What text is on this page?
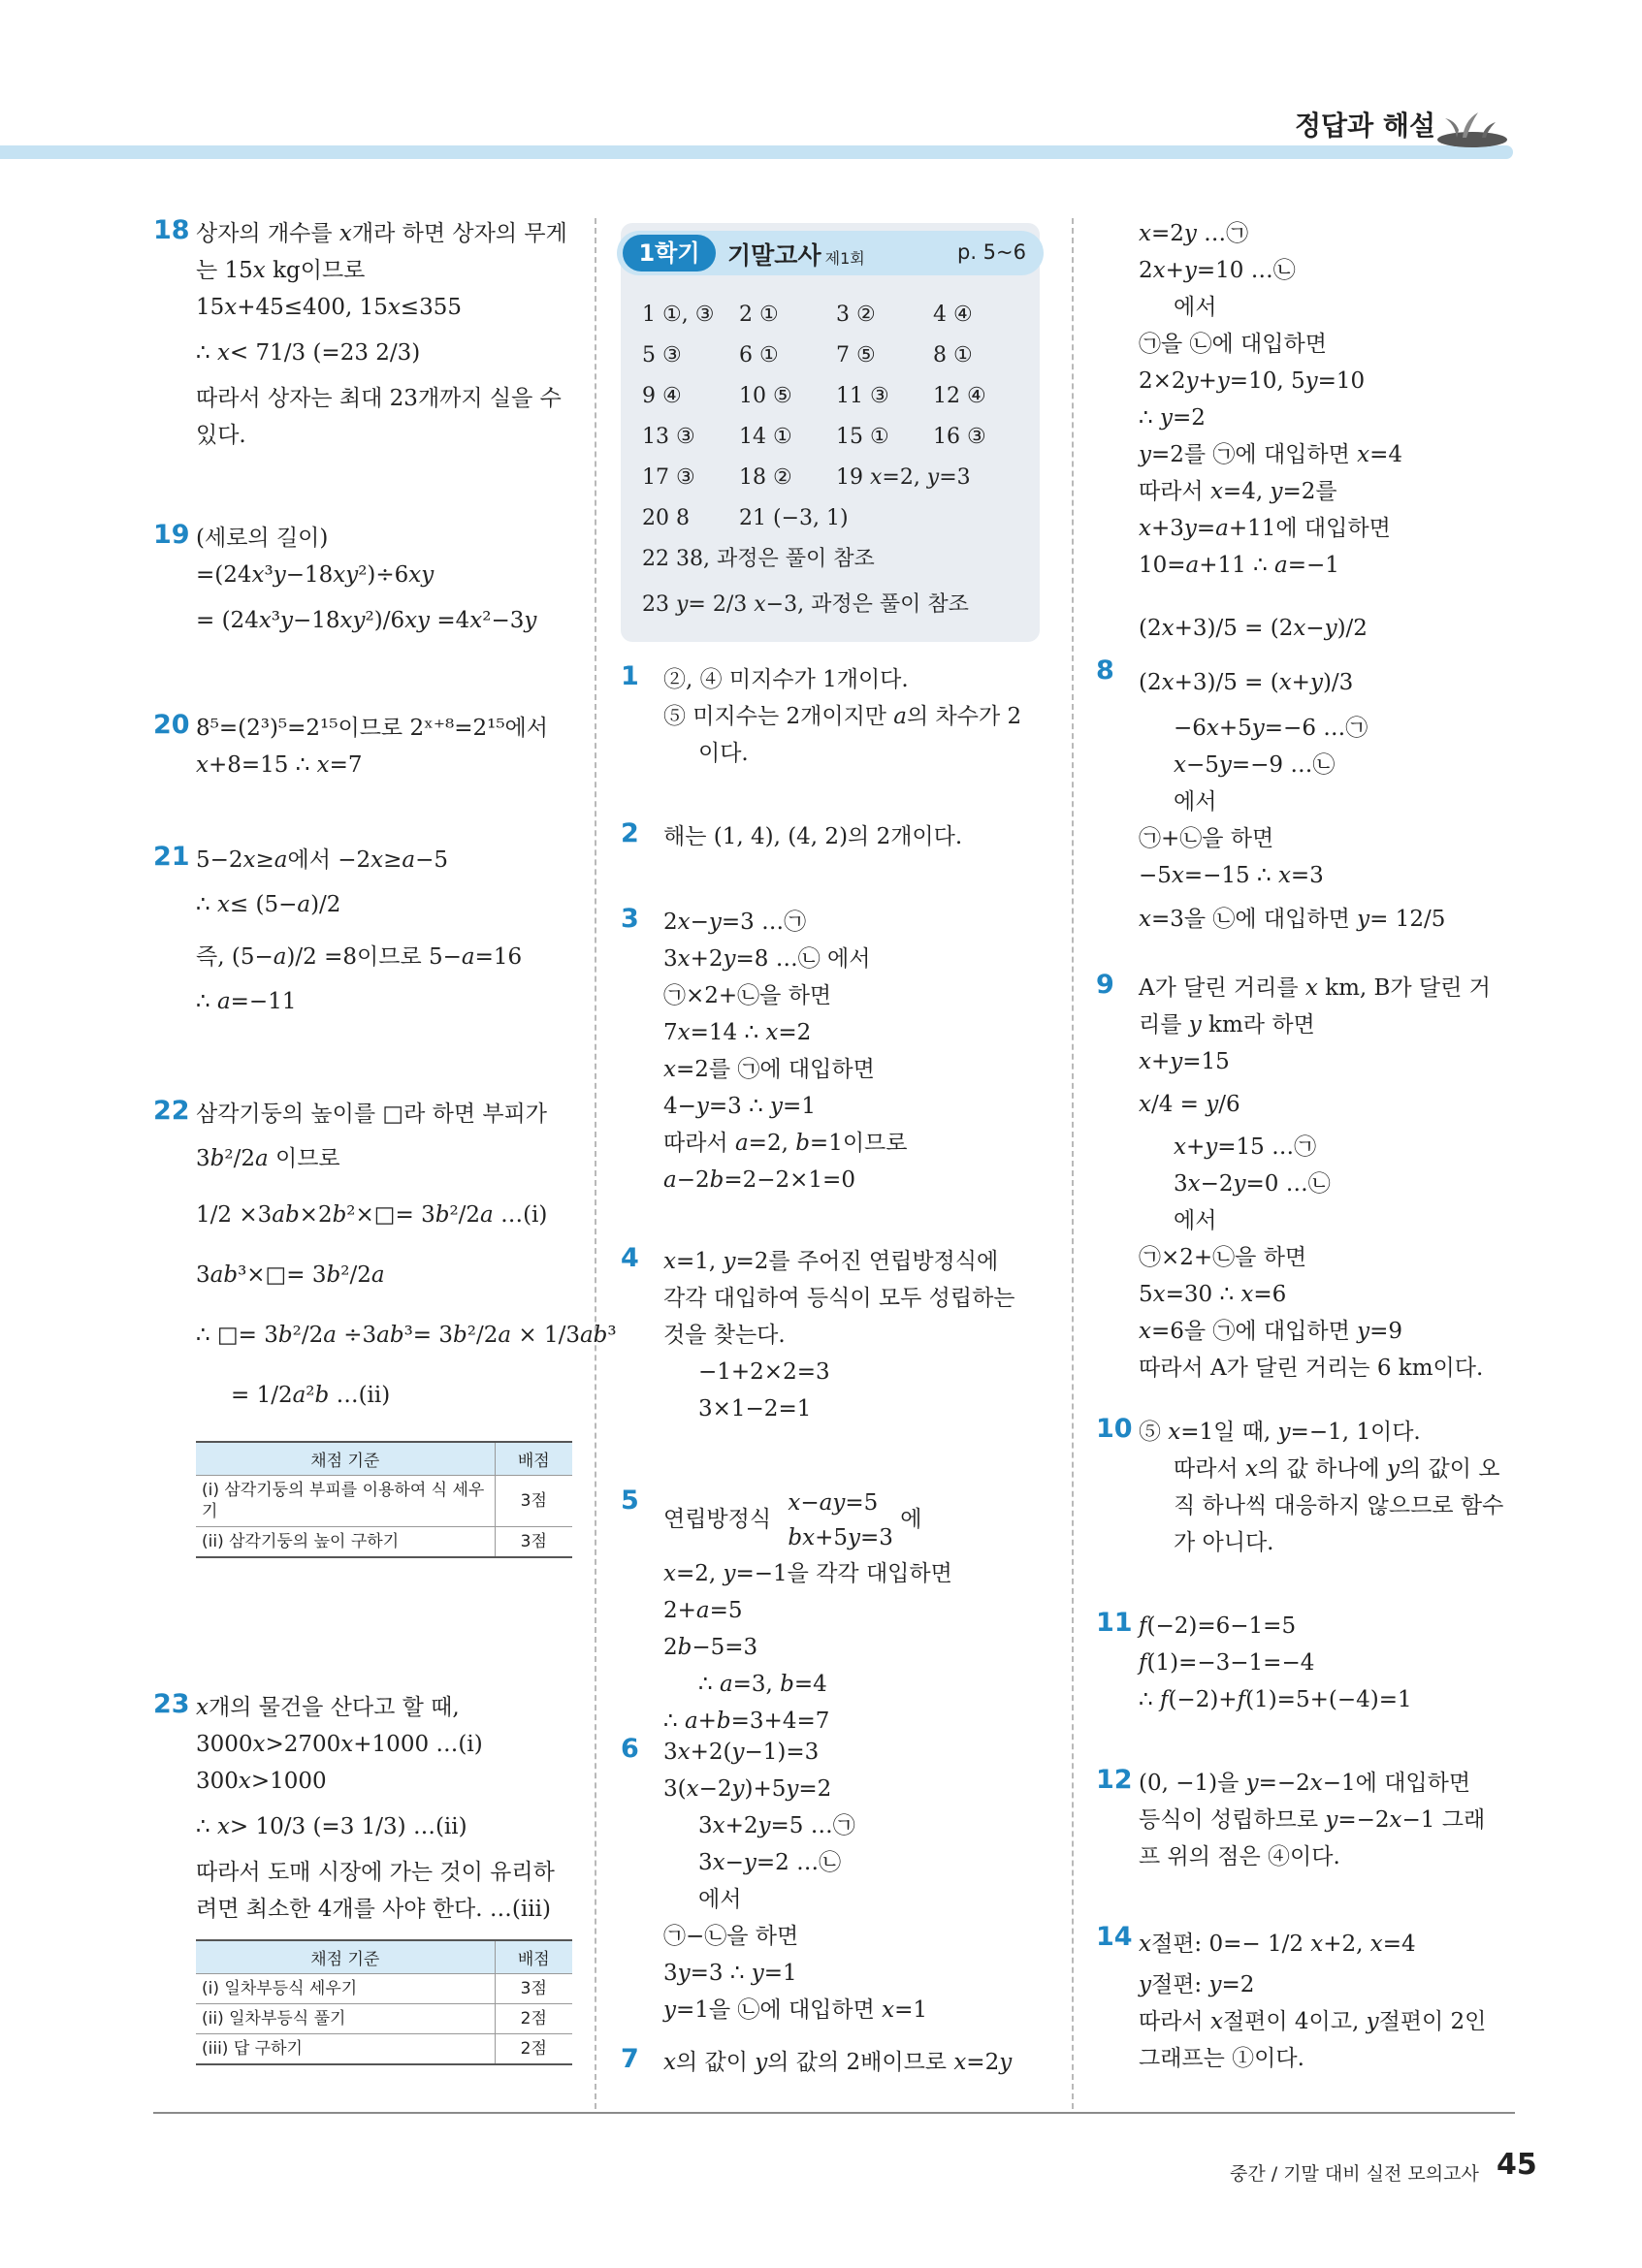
정답과 해설
18 상자의 개수를 𝑥개라 하면 상자의 무게
는 15𝑥 kg이므로
15𝑥+45≤400, 15𝑥≤355
∴ 𝑥< 71/3 (=23 2/3)
따라서 상자는 최대 23개까지 실을 수
있다.
19 (세로의 길이)
=(24𝑥³𝑦−18𝑥𝑦²)÷6𝑥𝑦
= (24𝑥³𝑦−18𝑥𝑦²)/6𝑥𝑦 =4𝑥²−3𝑦
20 8⁵=(2³)⁵=2¹⁵이므로 2ˣ⁺⁸=2¹⁵에서
𝑥+8=15 ∴ 𝑥=7
21 5−2𝑥≥𝑎에서 −2𝑥≥𝑎−5
∴ 𝑥≤ (5−𝑎)/2
즉, (5−𝑎)/2 =8이므로 5−𝑎=16
∴ 𝑎=−11
22 삼각기둥의 높이를 □라 하면 부피가
3𝑏²/2𝑎 이므로
1/2 ×3𝑎𝑏×2𝑏²×□= 3𝑏²/2𝑎 …(i)
3𝑎𝑏³×□= 3𝑏²/2𝑎
∴ □= 3𝑏²/2𝑎 ÷3𝑎𝑏³= 3𝑏²/2𝑎 × 1/3𝑎𝑏³
= 1/2𝑎²𝑏 …(ii)
채점 기준	배점
(i) 삼각기둥의 부피를 이용하여 식 세우기	3점
(ii) 삼각기둥의 높이 구하기	3점
23 𝑥개의 물건을 산다고 할 때,
3000𝑥>2700𝑥+1000 …(i)
300𝑥>1000
∴ 𝑥> 10/3 (=3 1/3) …(ii)
따라서 도매 시장에 가는 것이 유리하
려면 최소한 4개를 사야 한다. …(iii)
채점 기준	배점
(i) 일차부등식 세우기	3점
(ii) 일차부등식 풀기	2점
(iii) 답 구하기	2점
1학기	기말고사 제1회	p. 5~6
1 ①, ③ 2 ①	3 ②	4 ④
5 ③	6 ①	7 ⑤	8 ①
9 ④	10 ⑤ 11 ③ 12 ④
13 ③ 14 ① 15 ① 16 ③
17 ③ 18 ② 19 𝑥=2, 𝑦=3
20 8 21 (−3, 1)
22 38, 과정은 풀이 참조
23 𝑦= 2/3 𝑥−3, 과정은 풀이 참조
1 ②, ④ 미지수가 1개이다.
⑤ 미지수는 2개이지만 𝑎의 차수가 2
이다.
2 해는 (1, 4), (4, 2)의 2개이다.
3 2𝑥−𝑦=3 …㉠
3𝑥+2𝑦=8 …㉡ 에서
㉠×2+㉡을 하면
7𝑥=14 ∴ 𝑥=2
𝑥=2를 ㉠에 대입하면
4−𝑦=3 ∴ 𝑦=1
따라서 𝑎=2, 𝑏=1이므로
𝑎−2𝑏=2−2×1=0
4 𝑥=1, 𝑦=2를 주어진 연립방정식에
각각 대입하여 등식이 모두 성립하는
것을 찾는다.
−1+2×2=3
3×1−2=1
5
연립방정식
𝑥−𝑎𝑦=5
𝑏𝑥+5𝑦=3
에
𝑥=2, 𝑦=−1을 각각 대입하면
2+𝑎=5
2𝑏−5=3
∴ 𝑎=3, 𝑏=4
∴ 𝑎+𝑏=3+4=7
6 3𝑥+2(𝑦−1)=3
3(𝑥−2𝑦)+5𝑦=2
3𝑥+2𝑦=5 …㉠
3𝑥−𝑦=2 …㉡
에서
㉠−㉡을 하면
3𝑦=3 ∴ 𝑦=1
𝑦=1을 ㉡에 대입하면 𝑥=1
7 𝑥의 값이 𝑦의 값의 2배이므로 𝑥=2𝑦
𝑥=2𝑦 …㉠
2𝑥+𝑦=10 …㉡
에서
㉠을 ㉡에 대입하면
2×2𝑦+𝑦=10, 5𝑦=10
∴ 𝑦=2
𝑦=2를 ㉠에 대입하면 𝑥=4
따라서 𝑥=4, 𝑦=2를
𝑥+3𝑦=𝑎+11에 대입하면
10=𝑎+11 ∴ 𝑎=−1
8
(2𝑥+3)/5 = (2𝑥−𝑦)/2
(2𝑥+3)/5 = (𝑥+𝑦)/3
−6𝑥+5𝑦=−6 …㉠
𝑥−5𝑦=−9 …㉡
에서
㉠+㉡을 하면
−5𝑥=−15 ∴ 𝑥=3
𝑥=3을 ㉡에 대입하면 𝑦= 12/5
9 A가 달린 거리를 𝑥 km, B가 달린 거
리를 𝑦 km라 하면
𝑥+𝑦=15
𝑥/4 = 𝑦/6
𝑥+𝑦=15 …㉠
3𝑥−2𝑦=0 …㉡
에서
㉠×2+㉡을 하면
5𝑥=30 ∴ 𝑥=6
𝑥=6을 ㉠에 대입하면 𝑦=9
따라서 A가 달린 거리는 6 km이다.
10 ⑤ 𝑥=1일 때, 𝑦=−1, 1이다.
따라서 𝑥의 값 하나에 𝑦의 값이 오
직 하나씩 대응하지 않으므로 함수
가 아니다.
11 𝑓(−2)=6−1=5
𝑓(1)=−3−1=−4
∴ 𝑓(−2)+𝑓(1)=5+(−4)=1
12 (0, −1)을 𝑦=−2𝑥−1에 대입하면
등식이 성립하므로 𝑦=−2𝑥−1 그래
프 위의 점은 ④이다.
14 𝑥절편: 0=− 1/2 𝑥+2, 𝑥=4
𝑦절편: 𝑦=2
따라서 𝑥절편이 4이고, 𝑦절편이 2인
그래프는 ①이다.
중간 / 기말 대비 실전 모의고사 45
